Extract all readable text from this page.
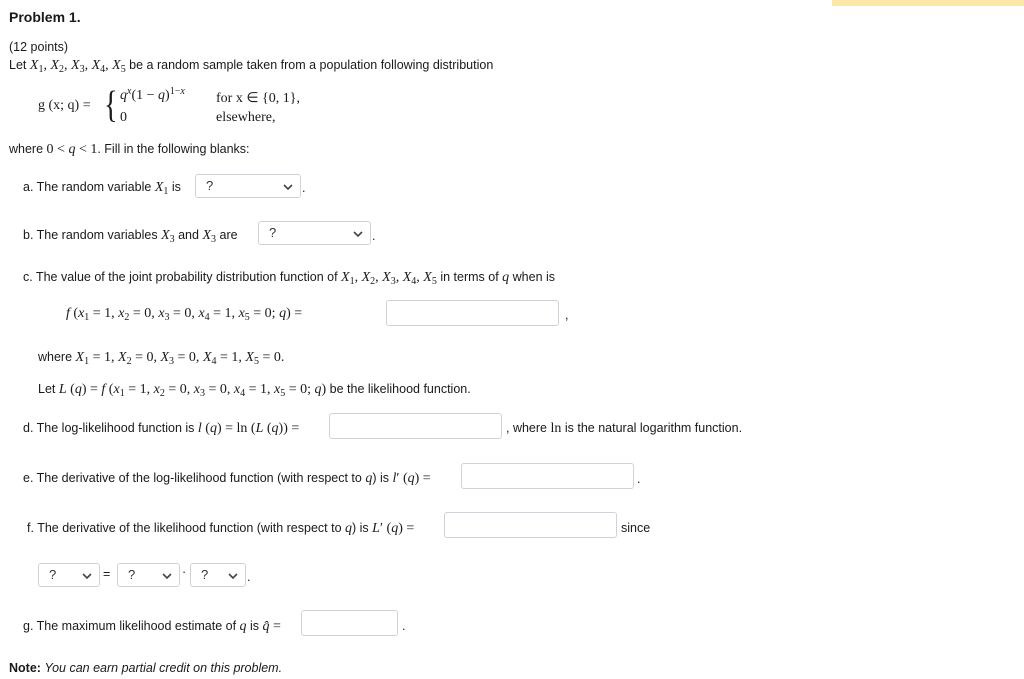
Problem 1.
(12 points)
Let $X_1$, $X_2$, $X_3$, $X_4$, $X_5$ be a random sample taken from a population following distribution
g (x; q) = { $q^x(1 - q)^{1-x}$ for x ∈ {0, 1},
0	elsewhere,
where 0 < q < 1. Fill in the following blanks:
a. The random variable $X_1$ is ?	.
b. The random variables $X_3$ and $X_3$ are ?	.
c. The value of the joint probability distribution function of $X_1$, $X_2$, $X_3$, $X_4$, $X_5$ in terms of q when is
f ($x_1 = 1$, $x_2 = 0$, $x_3 = 0$, $x_4 = 1$, $x_5 = 0$; q) =	,
where $X_1 = 1$, $X_2 = 0$, $X_3 = 0$, $X_4 = 1$, $X_5 = 0$.
Let L (q) = f ($x_1 = 1$, $x_2 = 0$, $x_3 = 0$, $x_4 = 1$, $x_5 = 0$; q) be the likelihood function.
d. The log-likelihood function is l (q) = ln (L (q)) =	, where ln is the natural logarithm function.
e. The derivative of the log-likelihood function (with respect to q) is l′ (q) =	.
f. The derivative of the likelihood function (with respect to q) is L′ (q) =	since
?	= ?	· ?	.
g. The maximum likelihood estimate of q is q̂ =	.
Note: You can earn partial credit on this problem.
